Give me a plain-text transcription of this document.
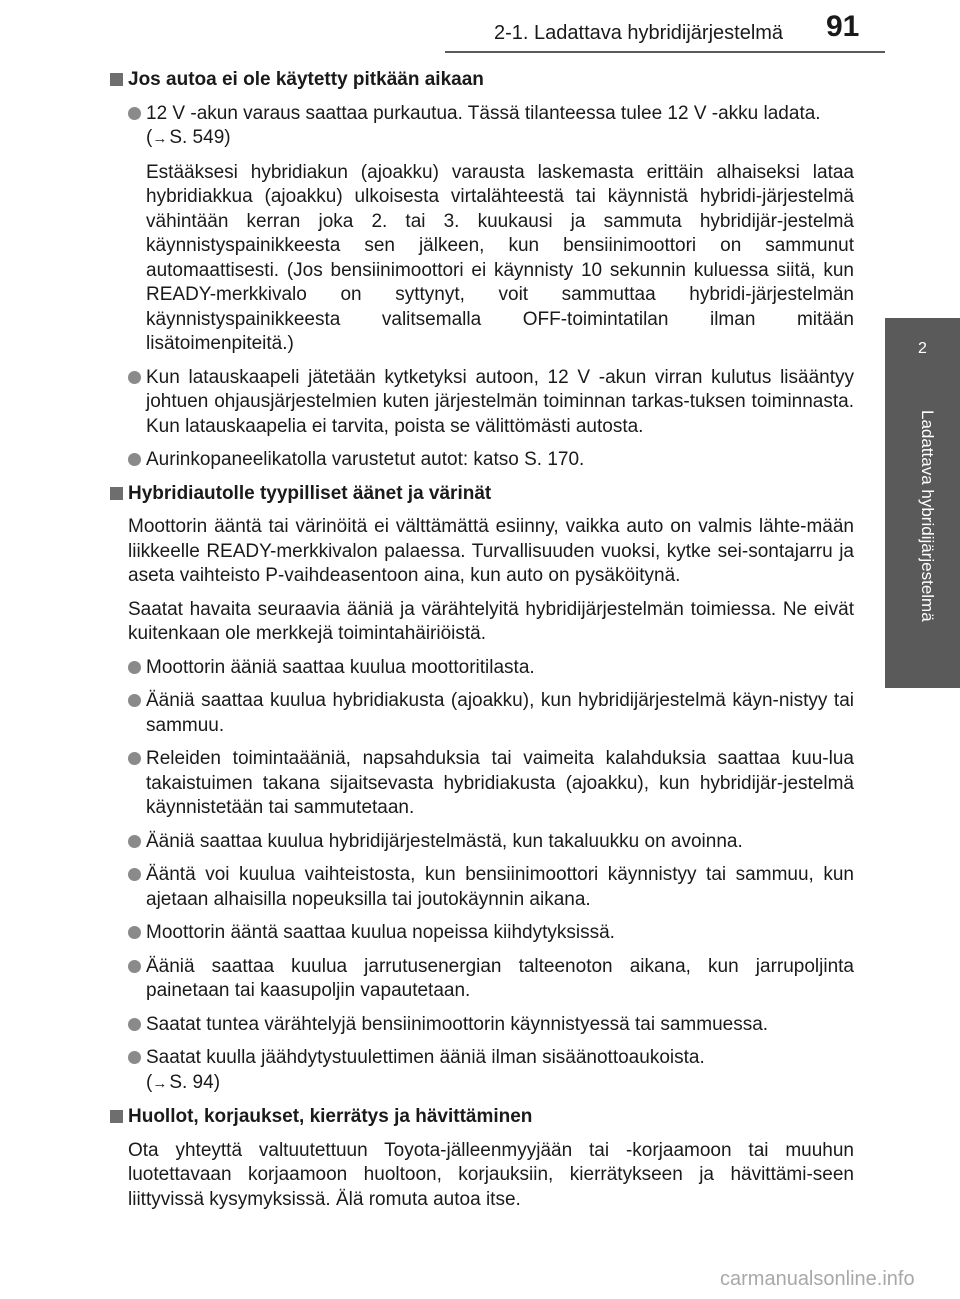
2-1. Ladattava hybridijärjestelmä 91
2
Ladattava hybridijärjestelmä
Jos autoa ei ole käytetty pitkään aikaan
12 V -akun varaus saattaa purkautua. Tässä tilanteessa tulee 12 V -akku ladata.
(→ S. 549)
Estääksesi hybridiakun (ajoakku) varausta laskemasta erittäin alhaiseksi lataa hybridiakkua (ajoakku) ulkoisesta virtalähteestä tai käynnistä hybridi-järjestelmä vähintään kerran joka 2. tai 3. kuukausi ja sammuta hybridijär-jestelmä käynnistyspainikkeesta sen jälkeen, kun bensiinimoottori on sammunut automaattisesti. (Jos bensiinimoottori ei käynnisty 10 sekunnin kuluessa siitä, kun READY-merkkivalo on syttynyt, voit sammuttaa hybridi-järjestelmän käynnistyspainikkeesta valitsemalla OFF-toimintatilan ilman mitään lisätoimenpiteitä.)
Kun latauskaapeli jätetään kytketyksi autoon, 12 V -akun virran kulutus lisääntyy johtuen ohjausjärjestelmien kuten järjestelmän toiminnan tarkas-tuksen toiminnasta. Kun latauskaapelia ei tarvita, poista se välittömästi autosta.
Aurinkopaneelikatolla varustetut autot: katso S. 170.
Hybridiautolle tyypilliset äänet ja värinät
Moottorin ääntä tai värinöitä ei välttämättä esiinny, vaikka auto on valmis lähte-mään liikkeelle READY-merkkivalon palaessa. Turvallisuuden vuoksi, kytke sei-sontajarru ja aseta vaihteisto P-vaihdeasentoon aina, kun auto on pysäköitynä.
Saatat havaita seuraavia ääniä ja värähtelyitä hybridijärjestelmän toimiessa. Ne eivät kuitenkaan ole merkkejä toimintahäiriöistä.
Moottorin ääniä saattaa kuulua moottoritilasta.
Ääniä saattaa kuulua hybridiakusta (ajoakku), kun hybridijärjestelmä käyn-nistyy tai sammuu.
Releiden toimintaääniä, napsahduksia tai vaimeita kalahduksia saattaa kuu-lua takaistuimen takana sijaitsevasta hybridiakusta (ajoakku), kun hybridijär-jestelmä käynnistetään tai sammutetaan.
Ääniä saattaa kuulua hybridijärjestelmästä, kun takaluukku on avoinna.
Ääntä voi kuulua vaihteistosta, kun bensiinimoottori käynnistyy tai sammuu, kun ajetaan alhaisilla nopeuksilla tai joutokäynnin aikana.
Moottorin ääntä saattaa kuulua nopeissa kiihdytyksissä.
Ääniä saattaa kuulua jarrutusenergian talteenoton aikana, kun jarrupoljinta painetaan tai kaasupoljin vapautetaan.
Saatat tuntea värähtelyjä bensiinimoottorin käynnistyessä tai sammuessa.
Saatat kuulla jäähdytystuulettimen ääniä ilman sisäänottoaukoista.
(→ S. 94)
Huollot, korjaukset, kierrätys ja hävittäminen
Ota yhteyttä valtuutettuun Toyota-jälleenmyyjään tai -korjaamoon tai muuhun luotettavaan korjaamoon huoltoon, korjauksiin, kierrätykseen ja hävittämi-seen liittyvissä kysymyksissä. Älä romuta autoa itse.
carmanualsonline.info
